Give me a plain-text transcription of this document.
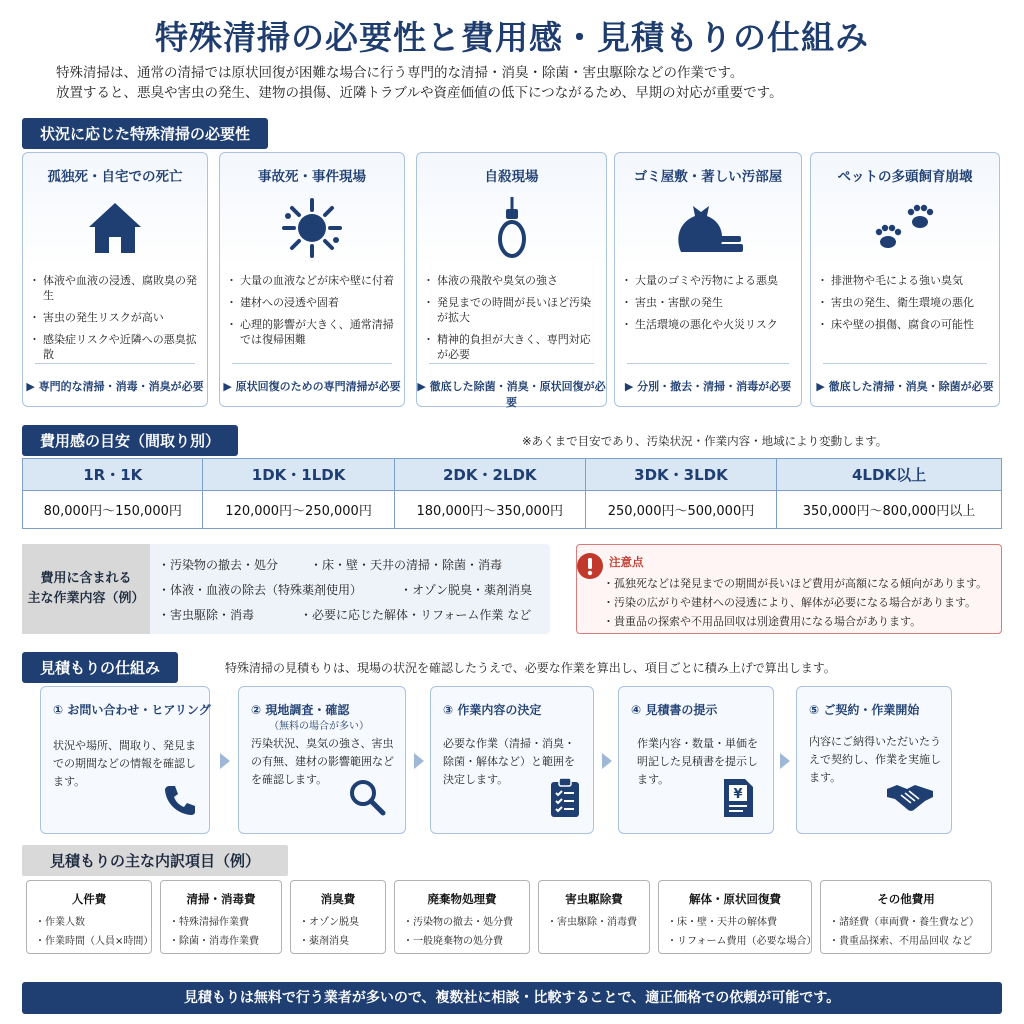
特殊清掃の必要性と費用感・見積もりの仕組み
特殊清掃は、通常の清掃では原状回復が困難な場合に行う専門的な清掃・消臭・除菌・害虫駆除などの作業です。
放置すると、悪臭や害虫の発生、建物の損傷、近隣トラブルや資産価値の低下につながるため、早期の対応が重要です。
状況に応じた特殊清掃の必要性
孤独死・自宅での死亡
・ 体液や血液の浸透、腐敗臭の発生
・ 害虫の発生リスクが高い
・ 感染症リスクや近隣への悪臭拡散
▶ 専門的な清掃・消毒・消臭が必要
事故死・事件現場
・ 大量の血液などが床や壁に付着
・ 建材への浸透や固着
・ 心理的影響が大きく、通常清掃では復帰困難
▶ 原状回復のための専門清掃が必要
自殺現場
・ 体液の飛散や臭気の強さ
・ 発見までの時間が長いほど汚染が拡大
・ 精神的負担が大きく、専門対応が必要
▶ 徹底した除菌・消臭・原状回復が必要
ゴミ屋敷・著しい汚部屋
・ 大量のゴミや汚物による悪臭
・ 害虫・害獣の発生
・ 生活環境の悪化や火災リスク
▶ 分別・撤去・清掃・消毒が必要
ペットの多頭飼育崩壊
・ 排泄物や毛による強い臭気
・ 害虫の発生、衛生環境の悪化
・ 床や壁の損傷、腐食の可能性
▶ 徹底した清掃・消臭・除菌が必要
費用感の目安（間取り別）	※あくまで目安であり、汚染状況・作業内容・地域により変動します。
1R・1K	1DK・1LDK	2DK・2LDK	3DK・3LDK	4LDK以上
80,000円～150,000円	120,000円～250,000円	180,000円～350,000円	250,000円～500,000円	350,000円～800,000円以上
費用に含まれる
主な作業内容（例）
・汚染物の撤去・処分	・床・壁・天井の清掃・除菌・消毒
・体液・血液の除去（特殊薬剤使用）	・オゾン脱臭・薬剤消臭
・害虫駆除・消毒	・必要に応じた解体・リフォーム作業 など
注意点
・孤独死などは発見までの期間が長いほど費用が高額になる傾向があります。
・汚染の広がりや建材への浸透により、解体が必要になる場合があります。
・貴重品の探索や不用品回収は別途費用になる場合があります。
見積もりの仕組み	特殊清掃の見積もりは、現場の状況を確認したうえで、必要な作業を算出し、項目ごとに積み上げで算出します。
① お問い合わせ・ヒアリング
状況や場所、間取り、発見までの期間などの情報を確認します。
② 現地調査・確認
（無料の場合が多い）
汚染状況、臭気の強さ、害虫の有無、建材の影響範囲などを確認します。
③ 作業内容の決定
必要な作業（清掃・消臭・除菌・解体など）と範囲を決定します。
④ 見積書の提示
作業内容・数量・単価を明記した見積書を提示します。
¥
⑤ ご契約・作業開始
内容にご納得いただいたうえで契約し、作業を実施します。
見積もりの主な内訳項目（例）
人件費
・ 作業人数
・ 作業時間（人員×時間）
清掃・消毒費
・ 特殊清掃作業費
・ 除菌・消毒作業費
消臭費
・ オゾン脱臭
・ 薬剤消臭
廃棄物処理費
・ 汚染物の撤去・処分費
・ 一般廃棄物の処分費
害虫駆除費
・ 害虫駆除・消毒費
解体・原状回復費
・ 床・壁・天井の解体費
・ リフォーム費用（必要な場合）
その他費用
・ 諸経費（車両費・養生費など）
・ 貴重品探索、不用品回収 など
見積もりは無料で行う業者が多いので、複数社に相談・比較することで、適正価格での依頼が可能です。
